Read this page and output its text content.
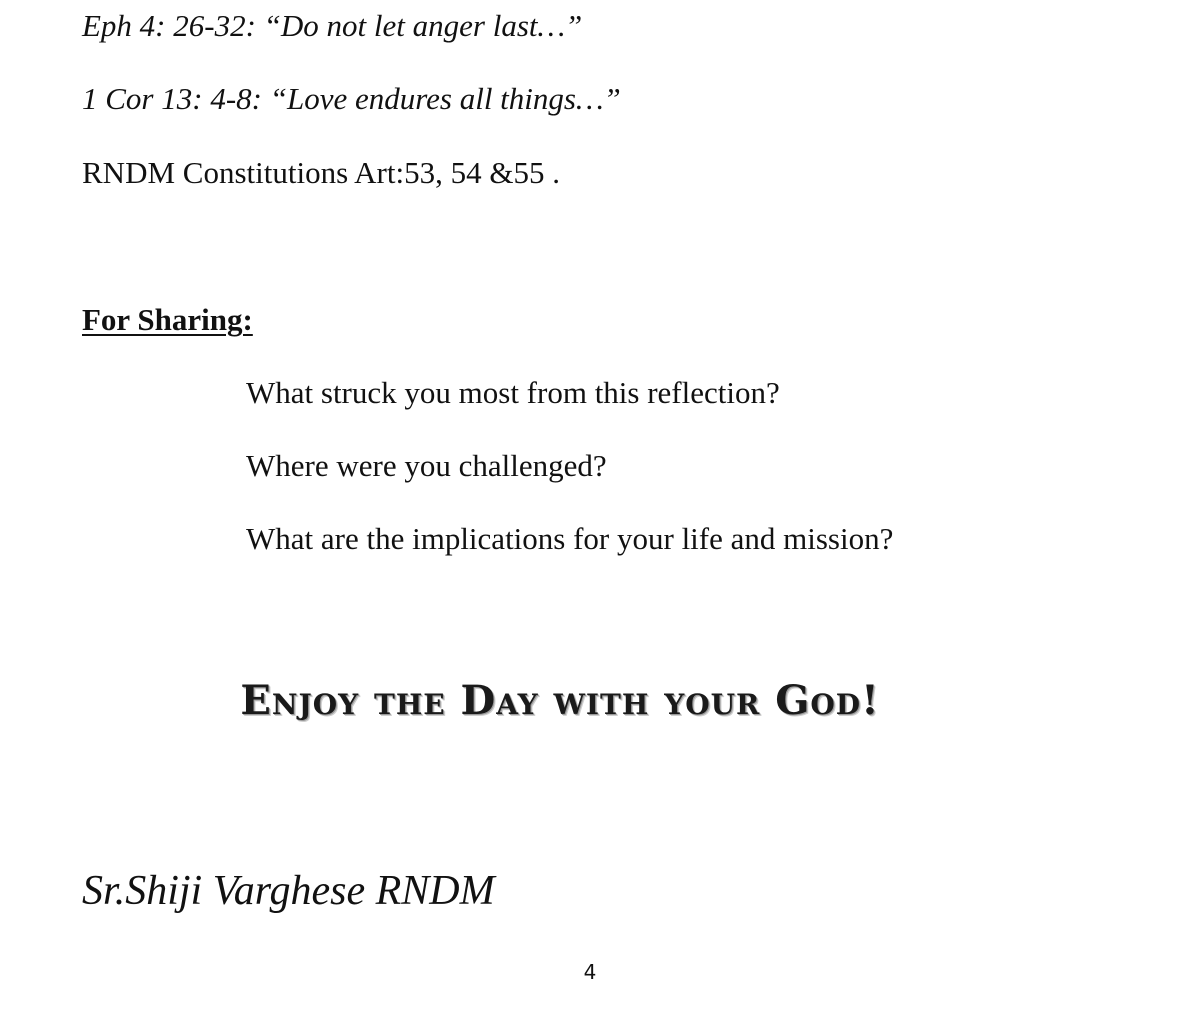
Eph 4: 26-32: “Do not let anger last…”
1 Cor 13: 4-8: “Love endures all things…”
RNDM Constitutions Art:53, 54 &55 .
For Sharing:
What struck you most from this reflection?
Where were you challenged?
What are the implications for your life and mission?
Enjoy the Day with your God!
Sr.Shiji Varghese RNDM
4
